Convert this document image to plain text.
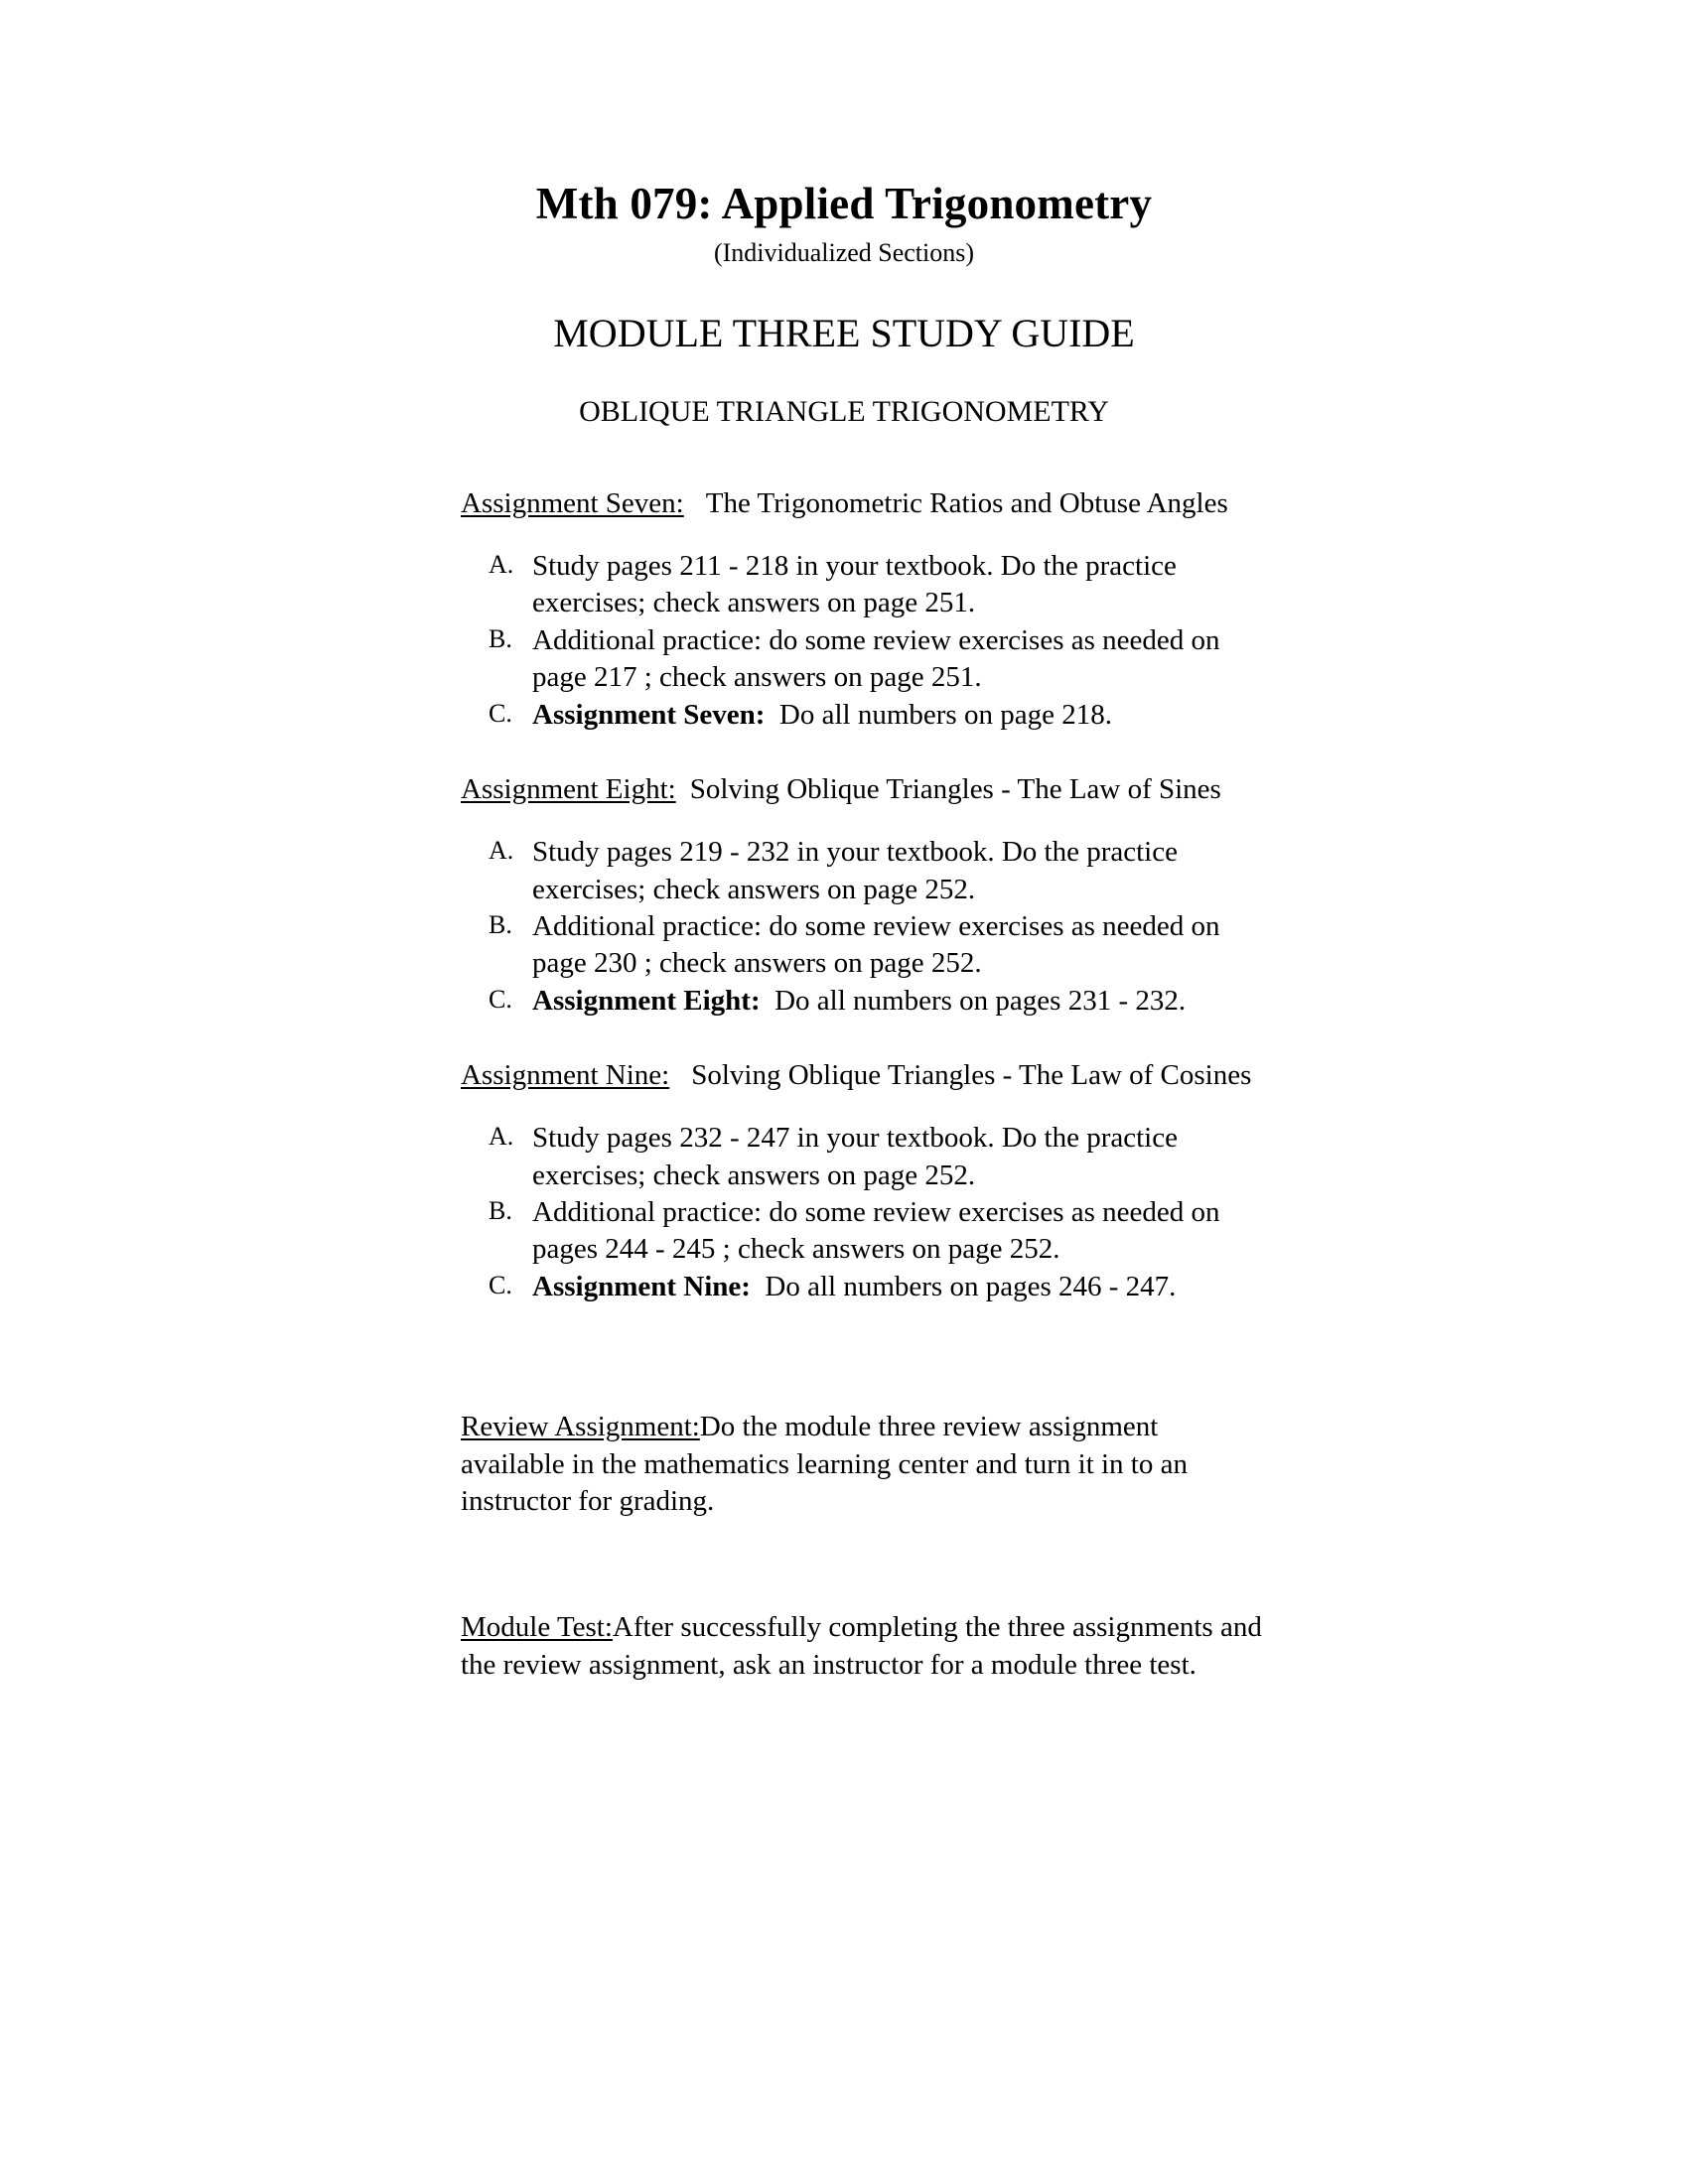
Mth 079: Applied Trigonometry
(Individualized Sections)
MODULE THREE STUDY GUIDE
OBLIQUE TRIANGLE TRIGONOMETRY
Assignment Seven: The Trigonometric Ratios and Obtuse Angles
A. Study pages 211 - 218 in your textbook. Do the practice exercises; check answers on page 251.
B. Additional practice: do some review exercises as needed on page 217 ; check answers on page 251.
C. Assignment Seven: Do all numbers on page 218.
Assignment Eight: Solving Oblique Triangles - The Law of Sines
A. Study pages 219 - 232 in your textbook. Do the practice exercises; check answers on page 252.
B. Additional practice: do some review exercises as needed on page 230 ; check answers on page 252.
C. Assignment Eight: Do all numbers on pages 231 - 232.
Assignment Nine: Solving Oblique Triangles - The Law of Cosines
A. Study pages 232 - 247 in your textbook. Do the practice exercises; check answers on page 252.
B. Additional practice: do some review exercises as needed on pages 244 - 245 ; check answers on page 252.
C. Assignment Nine: Do all numbers on pages 246 - 247.
Review Assignment:Do the module three review assignment available in the mathematics learning center and turn it in to an instructor for grading.
Module Test:After successfully completing the three assignments and the review assignment, ask an instructor for a module three test.
